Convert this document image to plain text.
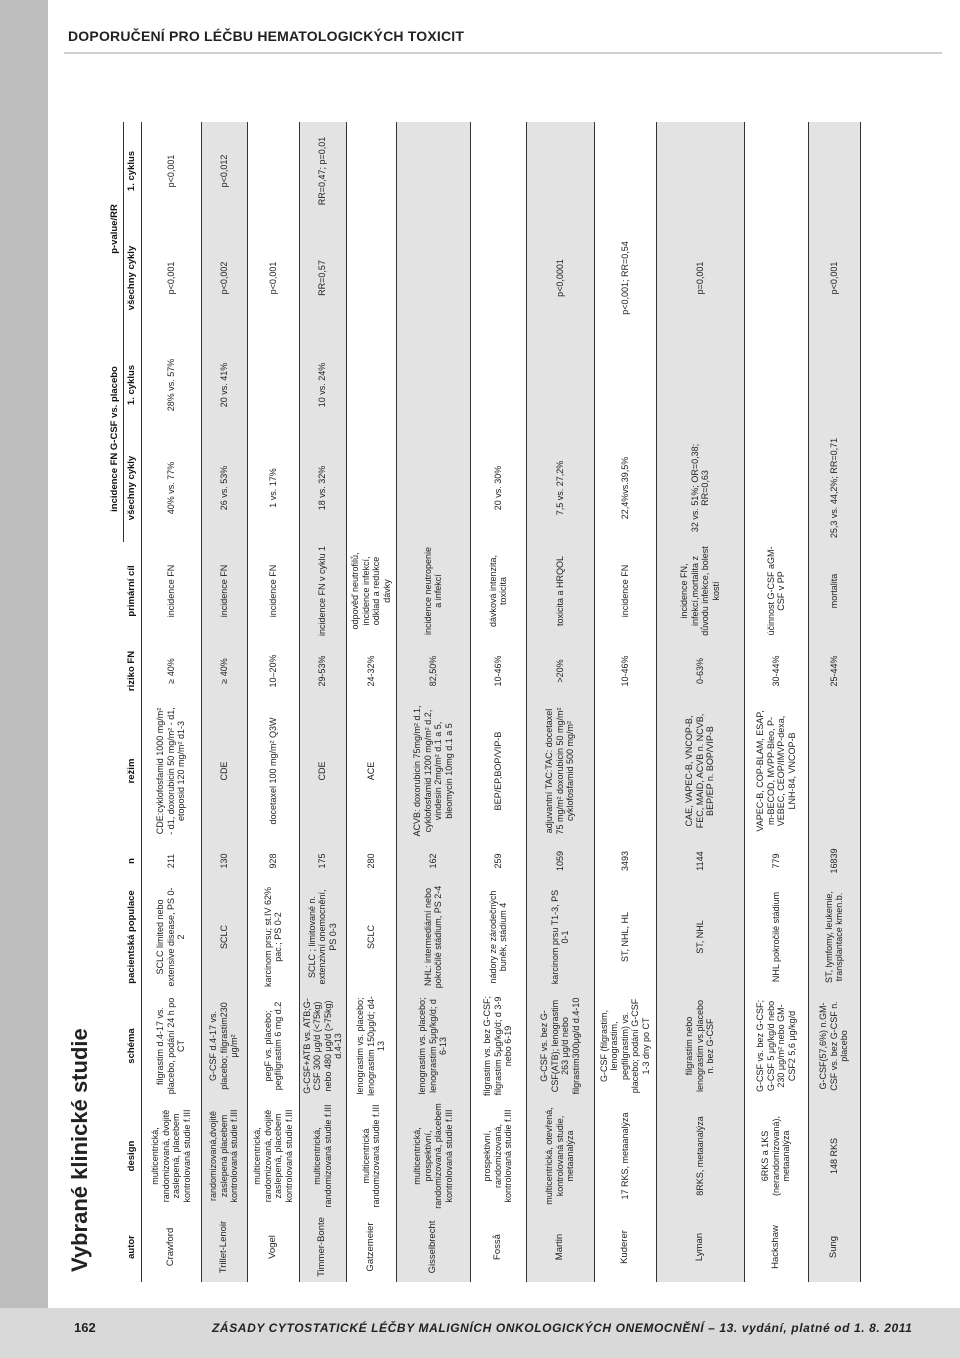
DOPORUČENÍ PRO LÉČBU HEMATOLOGICKÝCH TOXICIT
Vybrané klinické studie
								incidence FN G-CSF vs. placebo		p-value/RR	
autor	design	schéma	pacientská populace	n	režim	riziko FN	primární cíl	všechny cykly	1. cyklus	všechny cykly	1. cyklus
Crawford	multicentrická, randomizovaná, dvojitě zaslepená, placebem kontrolovaná studie f.III	filgrastim d.4-17 vs. placebo, podání 24 h po CT	SCLC limited nebo extensive disease, PS 0-2	211	CDE:cyklofosfamid 1000 mg/m² - d1, doxorubicin 50 mg/m² - d1, etoposid 120 mg/m² d1-3	≥ 40%	incidence FN	40% vs. 77%	28% vs. 57%	p<0,001	p<0,001
Trillet-Lenoir	randomizovaná,dvojitě zaslepená placebem kontrolovaná studie f.III	G-CSF d.4-17 vs. placebo; filgrastim230 μg/m²	SCLC	130	CDE	≥ 40%	incidence FN	26 vs. 53%	20 vs. 41%	p<0,002	p<0,012
Vogel	multicentrická, randomizovaná, dvojitě zaslepená, placebem kontrolovaná studie f.III	pegF vs. placebo; pegfilgrastim 6 mg d.2	karcinom prsu; st.IV 62% pac.; PS 0-2	928	docetaxel 100 mg/m² Q3W	10–20%	incidence FN	1 vs. 17%		p<0,001	
Timmer-Bonte	multicentrická, randomizovaná studie f.III	G-CSF+ATB vs. ATB;G-CSF 300 μg/d (<75kg) nebo 480 μg/d (>75kg) d.4-13	SCLC ; limitované n. extenzivní onemocnění, PS 0-3	175	CDE	29-53%	incidence FN v cyklu 1	18 vs. 32%	10 vs. 24%	RR=0,57	RR=0,47; p=0,01
Gatzemeier	multicentrická randomizovaná studie f.III	lenograstim vs. placebo; lenograstim 150μg/d; d4-13	SCLC	280	ACE	24-32%	odpověď neutrofilů, incidence infekcí, odklad a redukce dávky				
Gisselbrecht	multicentrická, prospektivní, randomizovaná, placebem kontrolovaná studie f.III	lenograstim vs. placebo; lenograstim 5μg/kg/d; d 6-13	NHL: intermediární nebo pokročilé stádium, PS 2-4	162	ACVB: doxorubicin 75mg/m² d.1, cyklofosfamid 1200 mg/m² d.2, vindesin 2mg/m² d.1 a 5, bleomycin 10mg d.1 a 5	82,50%	incidence neutropenie a infekcí				
Fosså	prospektivní, randomizovaná, kontrolovaná studie f.III	filgrastim vs. bez G-CSF; filgrastim 5μg/kg/d; d 3-9 nebo 6-19	nádory ze zárodečných buněk, stádium 4	259	BEP/EP,BOP/VIP-B	10-46%	dávková intenzita, toxicita	20 vs. 30%			
Martin	multicentrická, otevřená, kontrolovaná studie, metaanalýza	G-CSF vs. bez G-CSF(ATB); lenograstim 263 μg/d nebo filgrastim300μg/d d.4-10	karcinom prsu T1-3, PS 0-1	1059	adjuvantní TAC:TAC: docetaxel 75 mg/m² doxorubicin 50 mg/m² cyklofosfamid 500 mg/m²	>20%	toxicita a HRQOL	7,5 vs. 27,2%		p<0,0001	
Kuderer	17 RKS, metaanalýza	G-CSF (filgrastim, lenograstim, pegfilgrastim) vs. placebo; podání G-CSF 1-3 dny po CT	ST, NHL, HL	3493		10-46%	incidence FN	22,4%vs.39,5%		p<0,001; RR=0,54	
Lyman	8RKS, metaanalýza	filgrastim nebo lenograstim vs.placebo n. bez G-CSF	ST, NHL	1144	CAE, VAPEC-B, VNCOP-B, FEC, MAID, ACVB n. NCVB, BEP/EP n. BOP/VIP-B	0-63%	incidence FN, infekcí,mortalita z důvodu infekce, bolest kostí	32 vs. 51%; OR=0,38; RR=0,63		p=0,001	
Hackshaw	6RKS a 1KS (nerandomizovaná), metaanalýza	G-CSF vs. bez G-CSF; G-CSF 5 μg/kg/d nebo 230 μg/m² nebo GM-CSF2 5,6 μg/kg/d	NHL pokročilé stádium	779	VAPEC-B, COP-BLAM, ESAP, m-BECOD, MVPP-Bleo, P-VEBEC, CEOP/IMVP-dexa, LNH-84, VNCOP-B	30-44%	účinnost G-CSF aGM-CSF v PP				
Sung	148 RKS	G-CSF(57,6%) n.GM-CSF vs. bez G-CSF n. placebo	ST, lymfomy, leukemie, transplantace kmen.b.	16839		25-44%	mortalita	25,3 vs. 44,2%; RR=0,71		p<0,001	
162	ZÁSADY CYTOSTATICKÉ LÉČBY MALIGNÍCH ONKOLOGICKÝCH ONEMOCNĚNÍ – 13. vydání, platné od 1. 8. 2011
